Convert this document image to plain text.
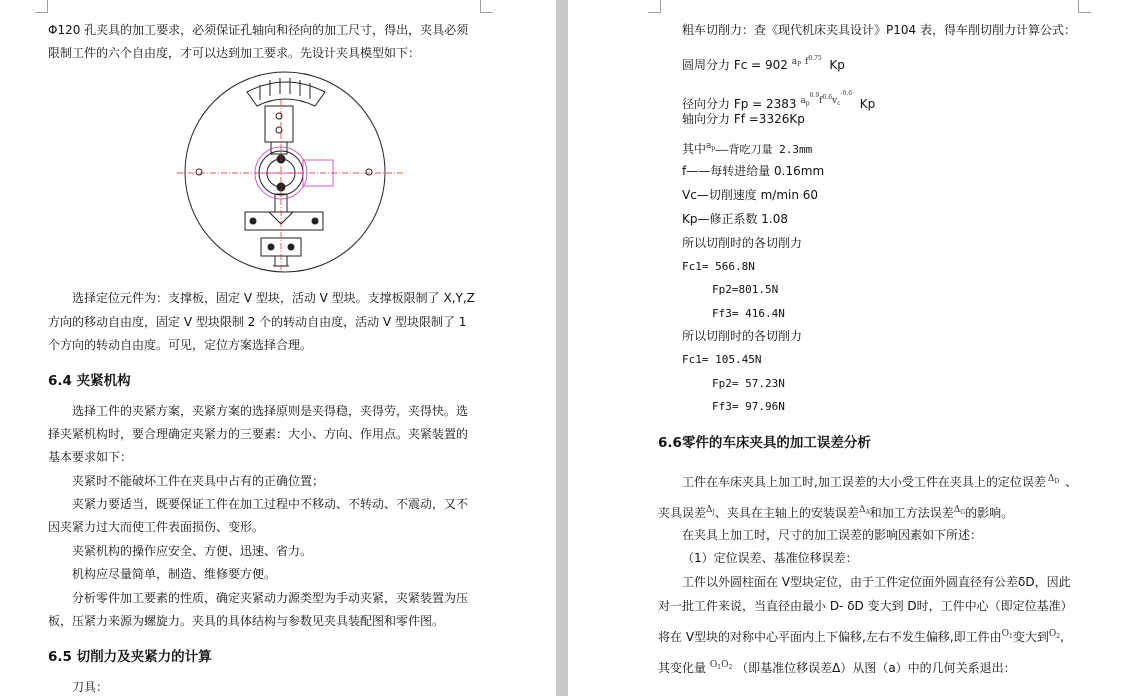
Φ120 孔夹具的加工要求，必须保证孔轴向和径向的加工尺寸，得出，夹具必须
限制工件的六个自由度，才可以达到加工要求。先设计夹具模型如下：
选择定位元件为：支撑板，固定 V 型块，活动 V 型块。支撑板限制了 X,Y,Z
方向的移动自由度，固定 V 型块限制 2 个的转动自由度，活动 V 型块限制了 1
个方向的转动自由度。可见，定位方案选择合理。
6.4 夹紧机构
选择工件的夹紧方案，夹紧方案的选择原则是夹得稳，夹得劳，夹得快。选
择夹紧机构时，要合理确定夹紧力的三要素：大小、方向、作用点。夹紧装置的
基本要求如下：
夹紧时不能破坏工件在夹具中占有的正确位置；
夹紧力要适当，既要保证工件在加工过程中不移动、不转动、不震动，又不
因夹紧力过大而使工件表面损伤、变形。
夹紧机构的操作应安全、方便、迅速、省力。
机构应尽量简单，制造、维修要方便。
分析零件加工要素的性质，确定夹紧动力源类型为手动夹紧，夹紧装置为压
板，压紧力来源为螺旋力。夹具的具体结构与参数见夹具装配图和零件图。
6.5 切削力及夹紧力的计算
刀具：
粗车切削力：查《现代机床夹具设计》P104 表，得车削切削力计算公式：
圆周分力 Fc = 902 $^{a_P}$ $^{f^{0.75}}$ Kp
径向分力 Fp = 2383 $^{a_p^{0.9}f^{0.6}v_c^{-0.6}}$  Kp
轴向分力 Ff =3326Kp
其中$^{a_p}$——背吃刀量 2.3mm
f——每转进给量 0.16mm
Vc—切削速度 m/min 60
Kp—修正系数 1.08
所以切削时的各切削力
Fc1= 566.8N
Fp2=801.5N
Ff3= 416.4N
所以切削时的各切削力
Fc1= 105.45N
Fp2= 57.23N
Ff3= 97.96N
6.6零件的车床夹具的加工误差分析
工件在车床夹具上加工时,加工误差的大小受工件在夹具上的定位误差 $^{\Delta_D}$ 、
夹具误差$^{\Delta_J}$、夹具在主轴上的安装误差$^{\Delta_A}$和加工方法误差$^{\Delta_G}$的影响。
在夹具上加工时，尺寸的加工误差的影响因素如下所述：
（1）定位误差、基准位移误差：
工件以外圆柱面在 V型块定位，由于工件定位面外圆直径有公差δD，因此
对一批工件来说，当直径由最小 D- δD 变大到 D时，工件中心（即定位基准）
将在 V型块的对称中心平面内上下偏移,左右不发生偏移,即工件由$^{O_1}$变大到$^{O_2}$,
其变化量 $^{O_1O_2}$ （即基准位移误差Δ）从图（a）中的几何关系退出：
